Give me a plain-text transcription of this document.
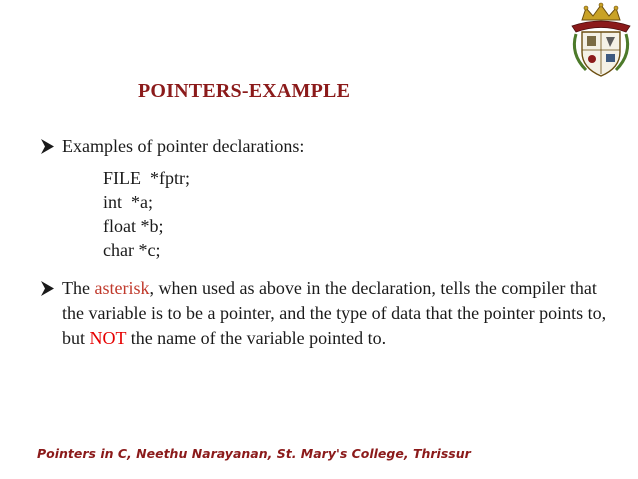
POINTERS-EXAMPLE
Examples of pointer declarations:
FILE  *fptr;
int  *a;
float *b;
char *c;
The asterisk, when used as above in the declaration, tells the compiler that the variable is to be a pointer, and the type of data that the pointer points to, but NOT the name of the variable pointed to.
Pointers in C, Neethu Narayanan, St. Mary's College, Thrissur
